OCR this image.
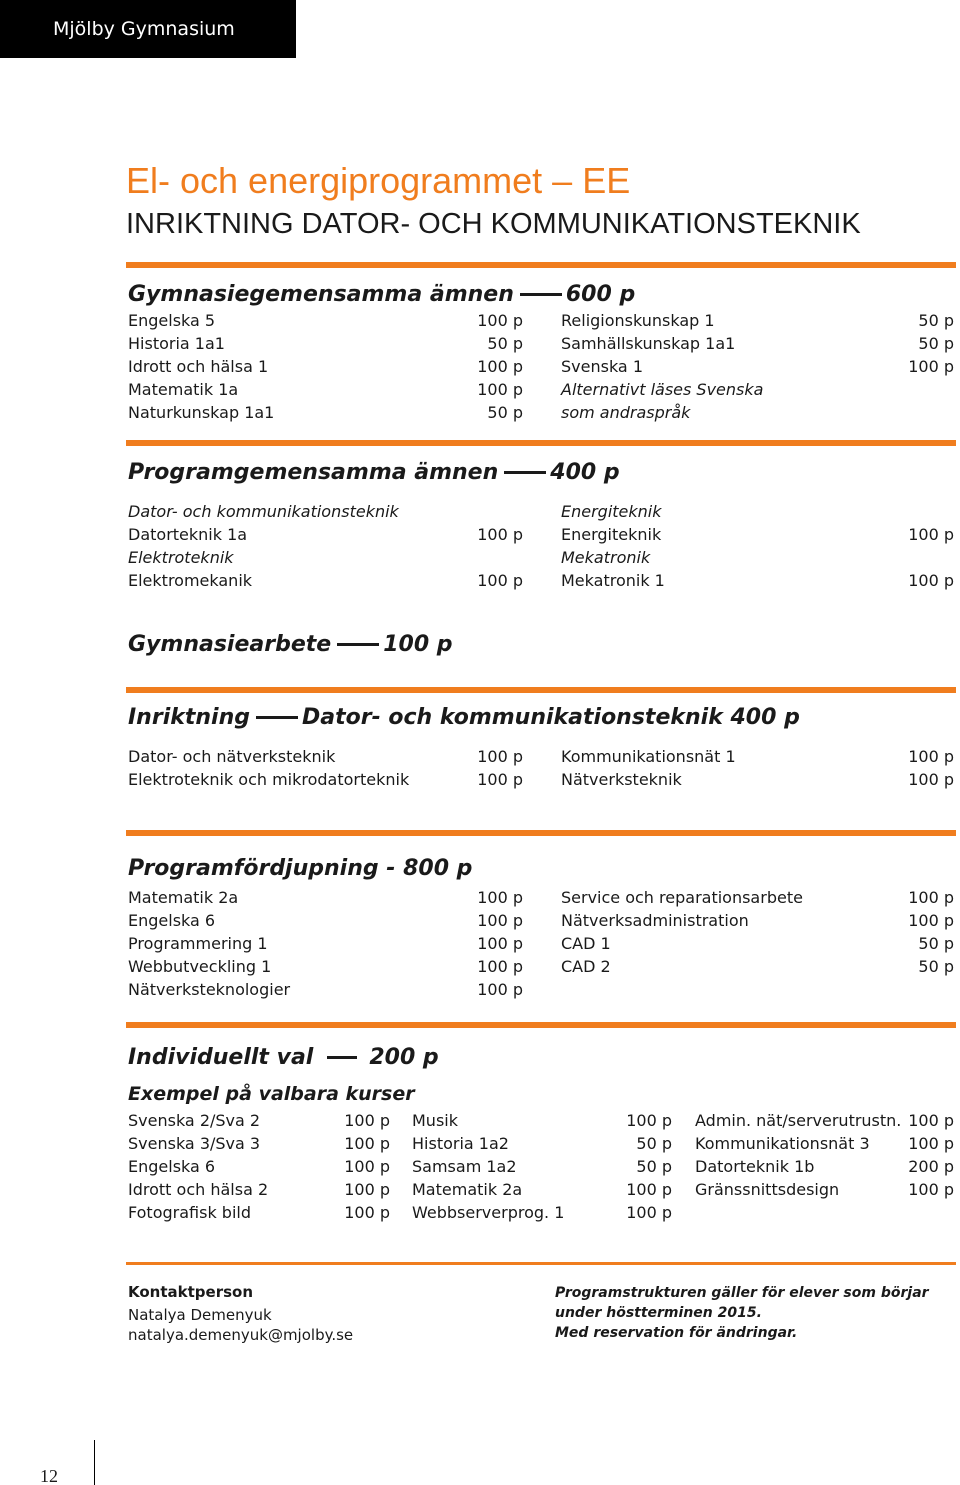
Mjölby Gymnasium
El- och energiprogrammet – EE
INRIKTNING DATOR- OCH KOMMUNIKATIONSTEKNIK
Gymnasiegemensamma ämnen 600 p
Engelska 5	100 p
Historia 1a1	50 p
Idrott och hälsa 1	100 p
Matematik 1a	100 p
Naturkunskap 1a1	50 p
Religionskunskap 1	50 p
Samhällskunskap 1a1	50 p
Svenska 1	100 p
Alternativt läses Svenska
som andraspråk
Programgemensamma ämnen 400 p
Dator- och kommunikationsteknik
Datorteknik 1a	100 p
Elektroteknik
Elektromekanik	100 p
Energiteknik
Energiteknik	100 p
Mekatronik
Mekatronik 1	100 p
Gymnasiearbete 100 p
Inriktning Dator- och kommunikationsteknik 400 p
Dator- och nätverksteknik	100 p
Elektroteknik och mikrodatorteknik	100 p
Kommunikationsnät 1	100 p
Nätverksteknik	100 p
Programfördjupning - 800 p
Matematik 2a	100 p
Engelska 6	100 p
Programmering 1	100 p
Webbutveckling 1	100 p
Nätverksteknologier	100 p
Service och reparationsarbete	100 p
Nätverksadministration	100 p
CAD 1	50 p
CAD 2	50 p
Individuellt val	200 p
Exempel på valbara kurser
Svenska 2/Sva 2	100 p
Svenska 3/Sva 3	100 p
Engelska 6	100 p
Idrott och hälsa 2	100 p
Fotografisk bild	100 p
Musik	100 p
Historia 1a2	50 p
Samsam 1a2	50 p
Matematik 2a	100 p
Webbserverprog. 1	100 p
Admin. nät/serverutrustn. 100 p
Kommunikationsnät 3 100 p
Datorteknik 1b	200 p
Gränssnittsdesign	100 p
Kontaktperson
Natalya Demenyuk
natalya.demenyuk@mjolby.se
Programstrukturen gäller för elever som börjar
under höstterminen 2015.
Med reservation för ändringar.
12
